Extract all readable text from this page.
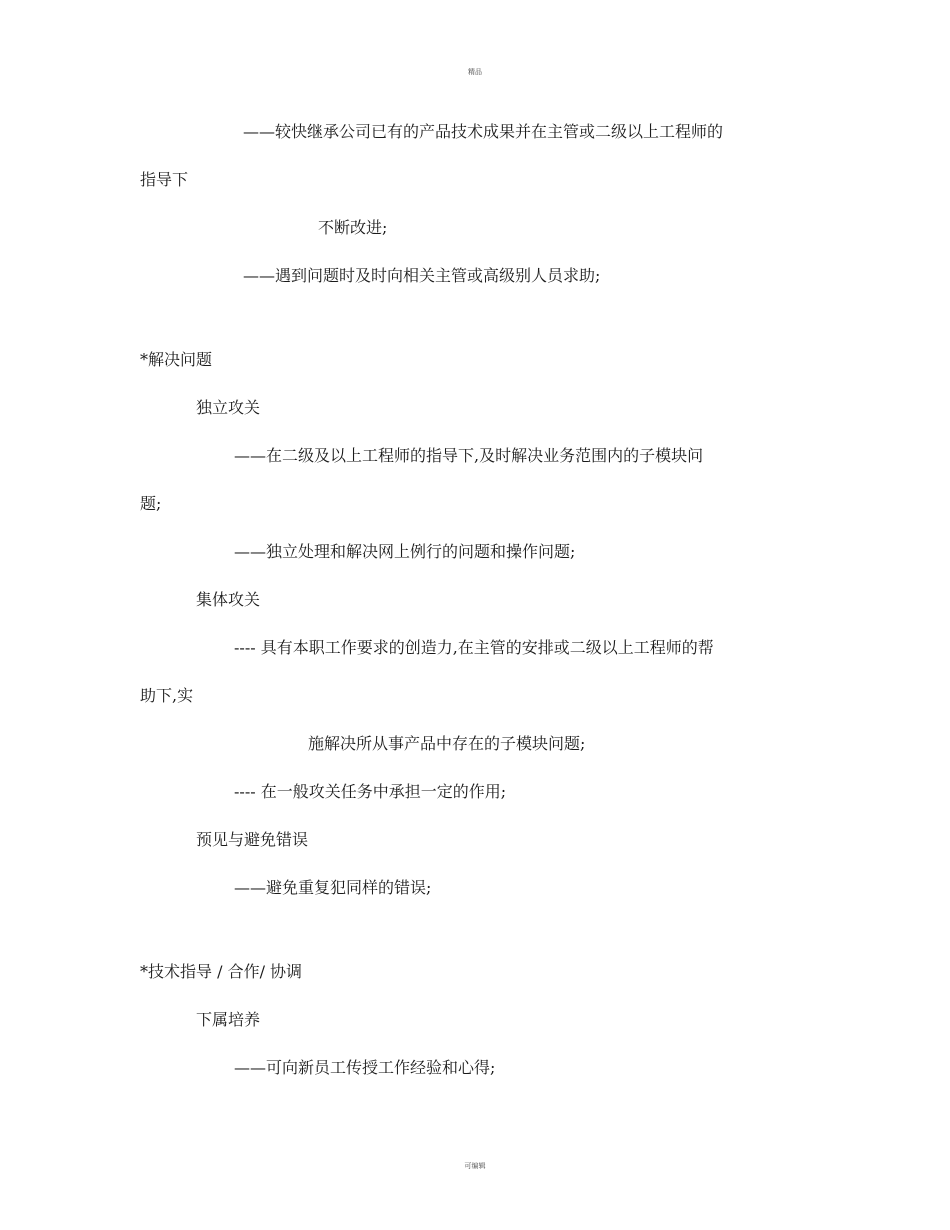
精品
——较快继承公司已有的产品技术成果并在主管或二级以上工程师的
指导下
不断改进;
——遇到问题时及时向相关主管或高级别人员求助;
*解决问题
独立攻关
——在二级及以上工程师的指导下,及时解决业务范围内的子模块问
题;
——独立处理和解决网上例行的问题和操作问题;
集体攻关
---- 具有本职工作要求的创造力,在主管的安排或二级以上工程师的帮
助下,实
施解决所从事产品中存在的子模块问题;
---- 在一般攻关任务中承担一定的作用;
预见与避免错误
——避免重复犯同样的错误;
*技术指导 / 合作/ 协调
下属培养
——可向新员工传授工作经验和心得;
可编辑
